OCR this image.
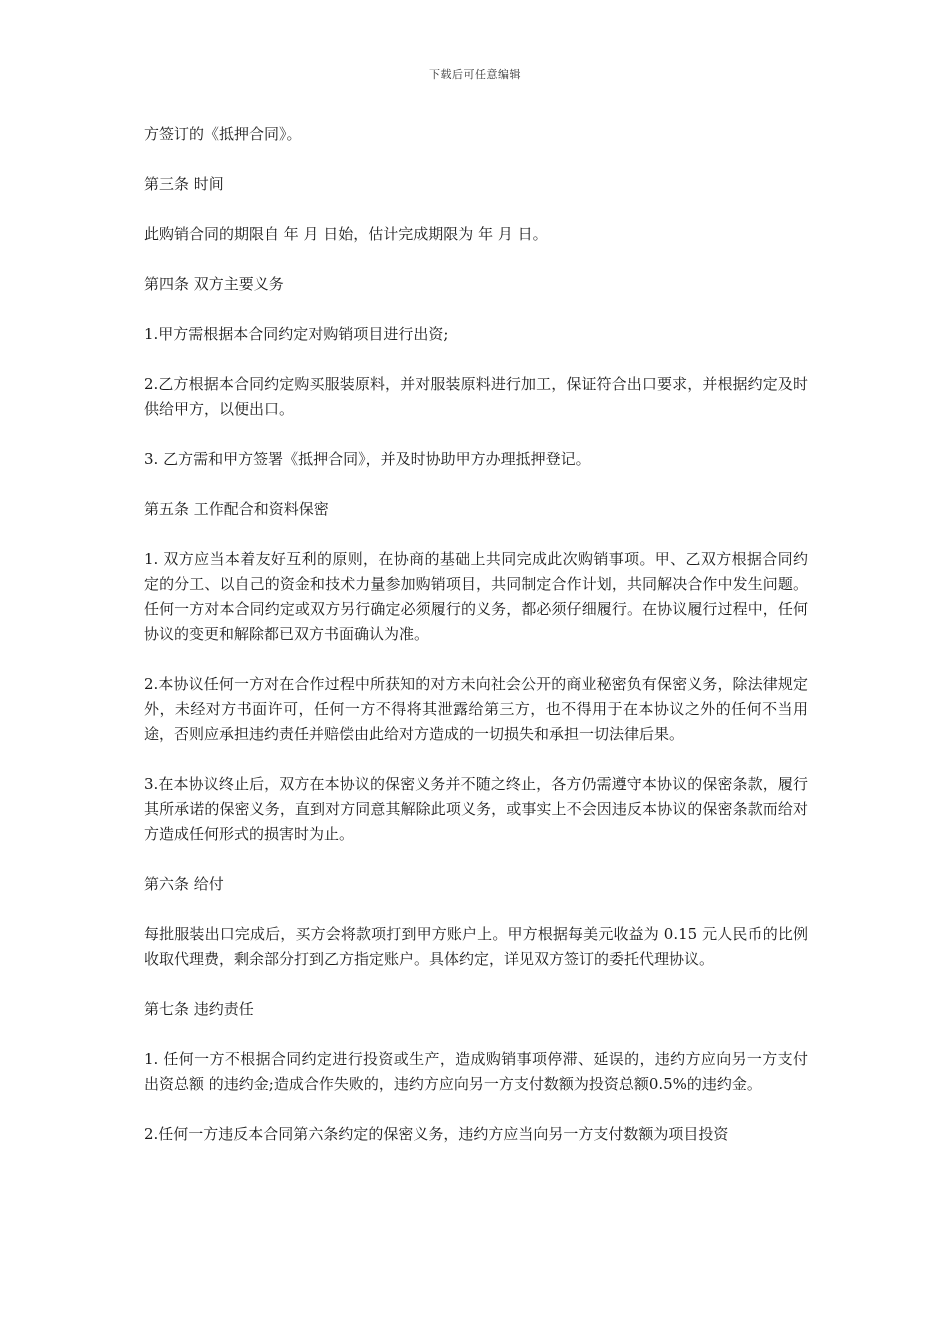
下载后可任意编辑

方签订的《抵押合同》。

第三条 时间

此购销合同的期限自 年 月 日始，估计完成期限为 年 月 日。

第四条 双方主要义务

1.甲方需根据本合同约定对购销项目进行出资;

2.乙方根据本合同约定购买服装原料，并对服装原料进行加工，保证符合出口要求，并根据约定及时供给甲方，以便出口。

3. 乙方需和甲方签署《抵押合同》，并及时协助甲方办理抵押登记。

第五条 工作配合和资料保密

1. 双方应当本着友好互利的原则，在协商的基础上共同完成此次购销事项。甲、乙双方根据合同约定的分工、以自己的资金和技术力量参加购销项目，共同制定合作计划，共同解决合作中发生问题。任何一方对本合同约定或双方另行确定必须履行的义务，都必须仔细履行。在协议履行过程中，任何协议的变更和解除都已双方书面确认为准。

2.本协议任何一方对在合作过程中所获知的对方未向社会公开的商业秘密负有保密义务，除法律规定外，未经对方书面许可，任何一方不得将其泄露给第三方，也不得用于在本协议之外的任何不当用途，否则应承担违约责任并赔偿由此给对方造成的一切损失和承担一切法律后果。

3.在本协议终止后，双方在本协议的保密义务并不随之终止，各方仍需遵守本协议的保密条款，履行其所承诺的保密义务，直到对方同意其解除此项义务，或事实上不会因违反本协议的保密条款而给对方造成任何形式的损害时为止。

第六条 给付

每批服装出口完成后，买方会将款项打到甲方账户上。甲方根据每美元收益为 0.15 元人民币的比例收取代理费，剩余部分打到乙方指定账户。具体约定，详见双方签订的委托代理协议。

第七条 违约责任

1. 任何一方不根据合同约定进行投资或生产，造成购销事项停滞、延误的，违约方应向另一方支付出资总额 的违约金;造成合作失败的，违约方应向另一方支付数额为投资总额0.5%的违约金。

2.任何一方违反本合同第六条约定的保密义务，违约方应当向另一方支付数额为项目投资
